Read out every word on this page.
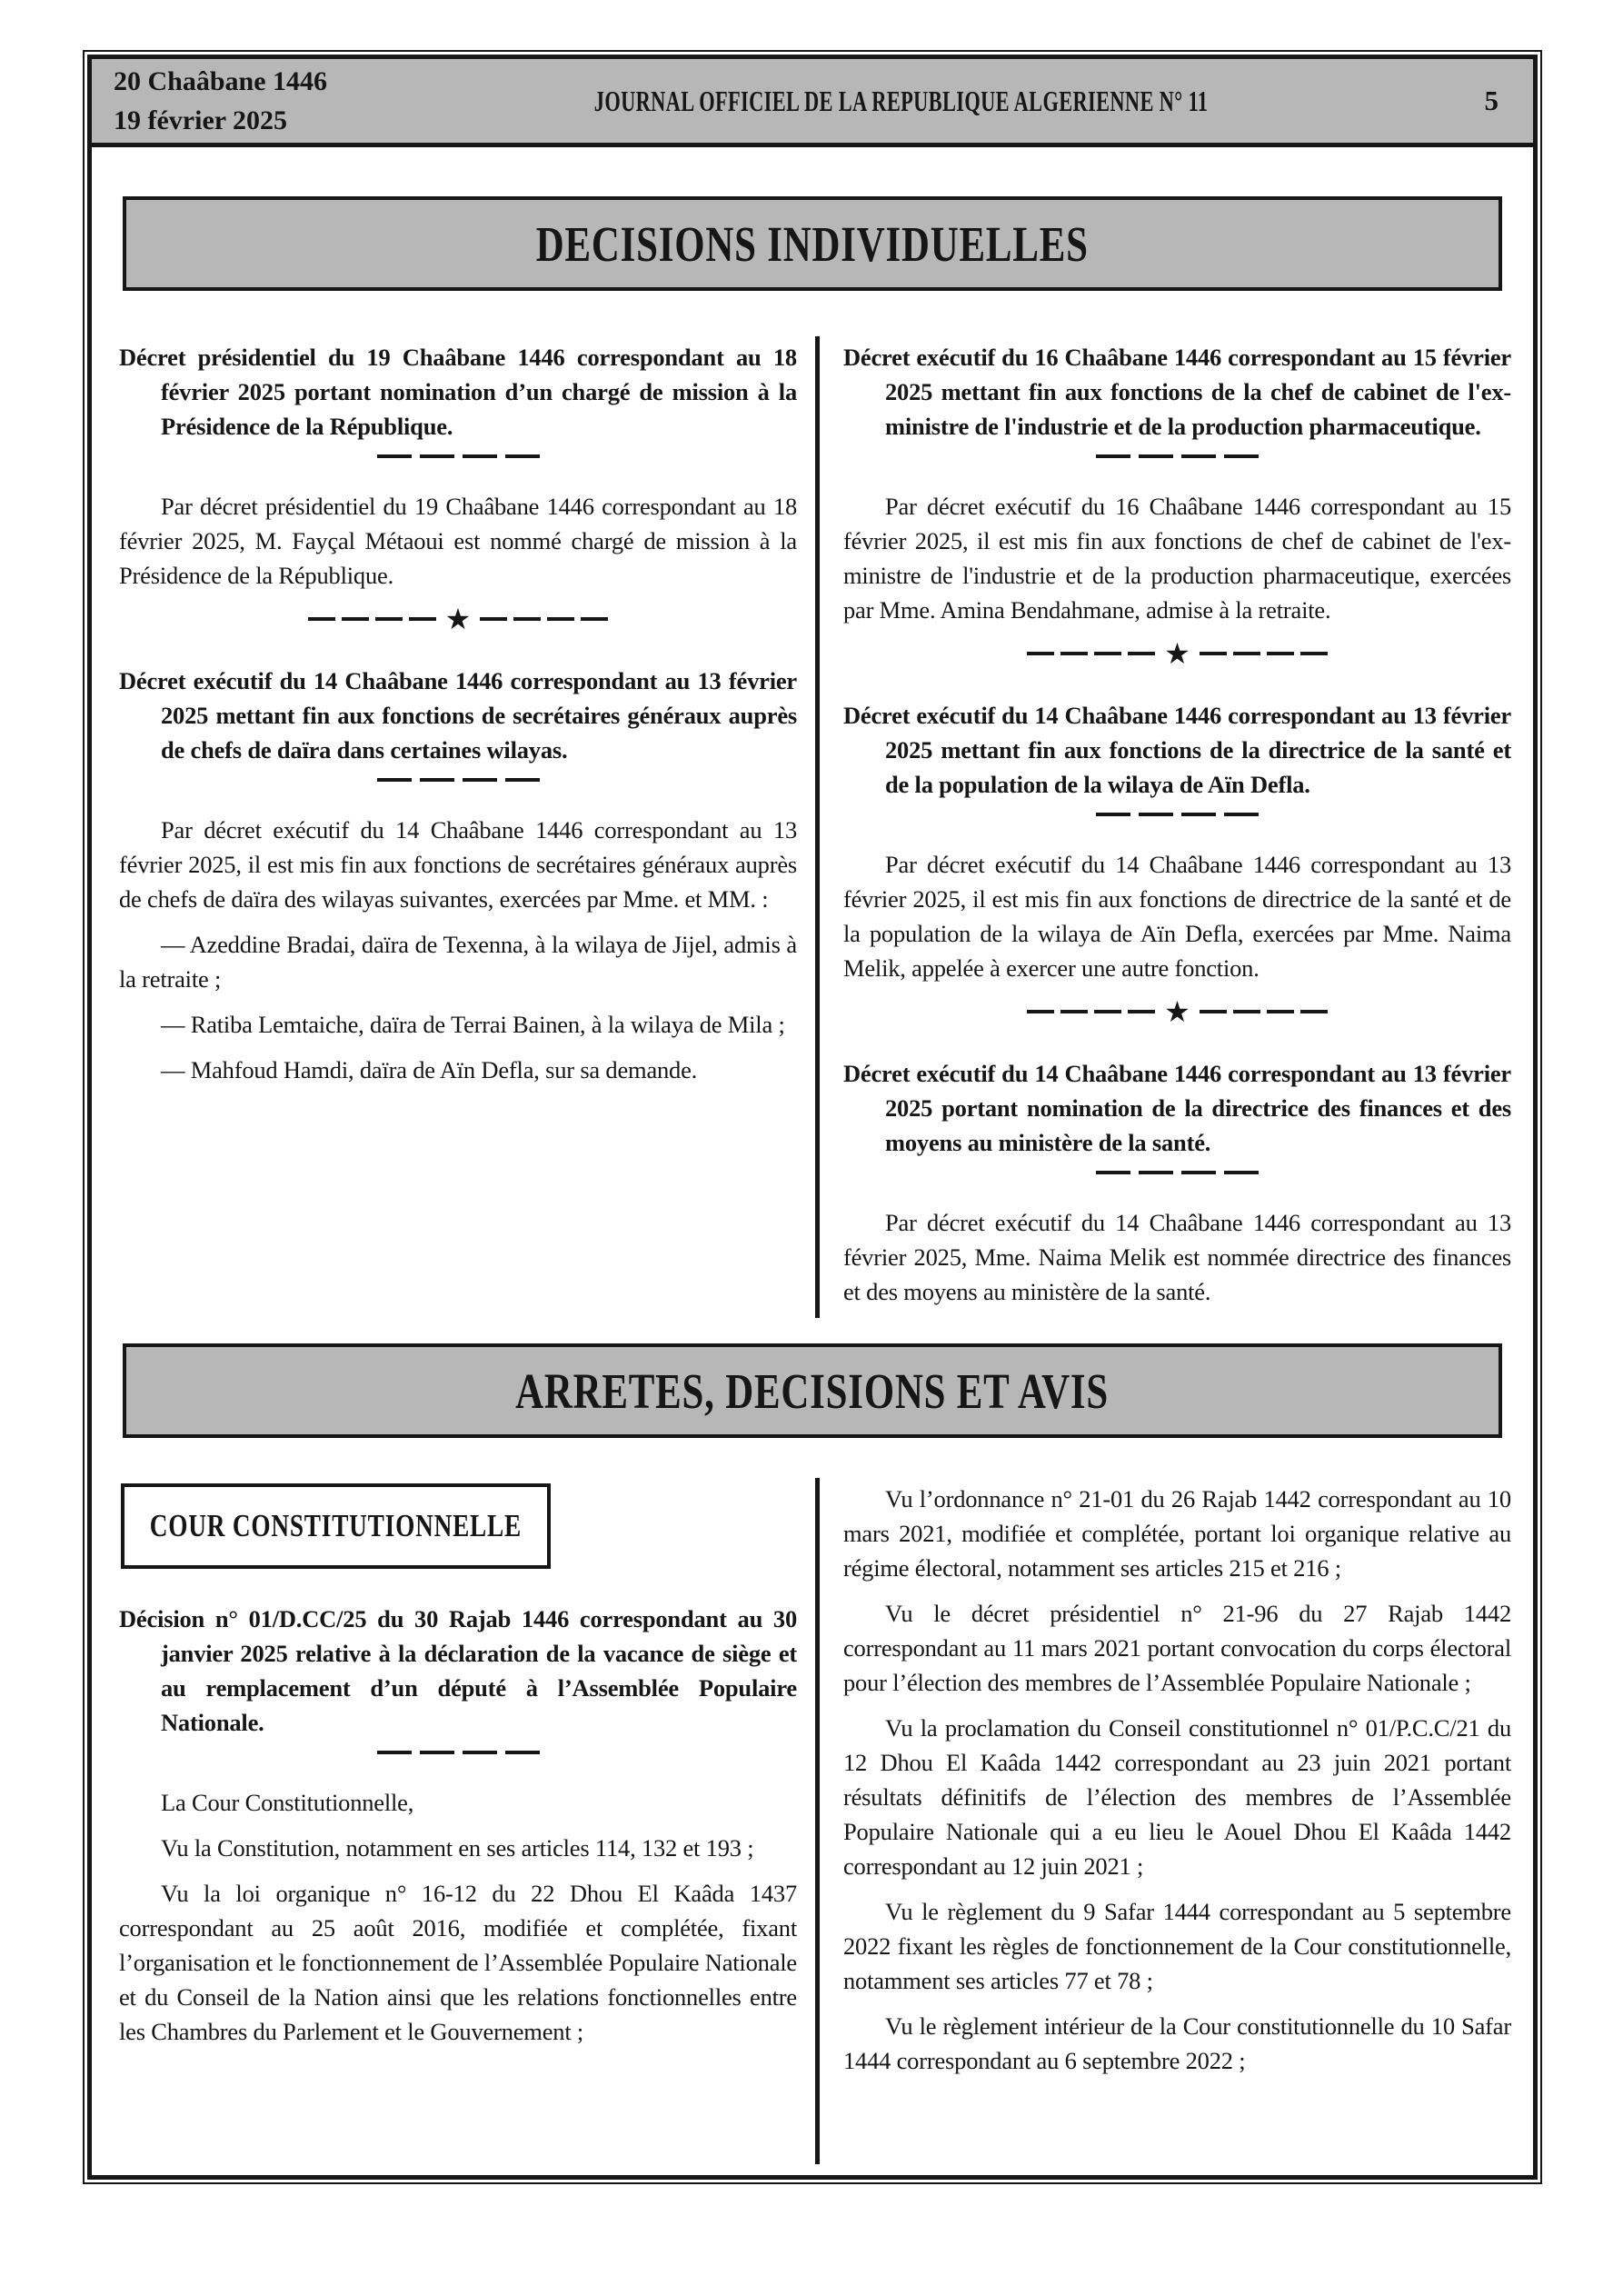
20 Chaâbane 1446
19 février 2025
JOURNAL OFFICIEL DE LA REPUBLIQUE ALGERIENNE N° 11	5
DECISIONS INDIVIDUELLES
Décret présidentiel du 19 Chaâbane 1446 correspondant au 18 février 2025 portant nomination d’un chargé de mission à la Présidence de la République.
Par décret présidentiel du 19 Chaâbane 1446 correspondant au 18 février 2025, M. Fayçal Métaoui est nommé chargé de mission à la Présidence de la République.
★
Décret exécutif du 14 Chaâbane 1446 correspondant au 13 février 2025 mettant fin aux fonctions de secrétaires généraux auprès de chefs de daïra dans certaines wilayas.
Par décret exécutif du 14 Chaâbane 1446 correspondant au 13 février 2025, il est mis fin aux fonctions de secrétaires généraux auprès de chefs de daïra des wilayas suivantes, exercées par Mme. et MM. :
— Azeddine Bradai, daïra de Texenna, à la wilaya de Jijel, admis à la retraite ;
— Ratiba Lemtaiche, daïra de Terrai Bainen, à la wilaya de Mila ;
— Mahfoud Hamdi, daïra de Aïn Defla, sur sa demande.
Décret exécutif du 16 Chaâbane 1446 correspondant au 15 février 2025 mettant fin aux fonctions de la chef de cabinet de l'ex-ministre de l'industrie et de la production pharmaceutique.
Par décret exécutif du 16 Chaâbane 1446 correspondant au 15 février 2025, il est mis fin aux fonctions de chef de cabinet de l'ex-ministre de l'industrie et de la production pharmaceutique, exercées par Mme. Amina Bendahmane, admise à la retraite.
★
Décret exécutif du 14 Chaâbane 1446 correspondant au 13 février 2025 mettant fin aux fonctions de la directrice de la santé et de la population de la wilaya de Aïn Defla.
Par décret exécutif du 14 Chaâbane 1446 correspondant au 13 février 2025, il est mis fin aux fonctions de directrice de la santé et de la population de la wilaya de Aïn Defla, exercées par Mme. Naima Melik, appelée à exercer une autre fonction.
★
Décret exécutif du 14 Chaâbane 1446 correspondant au 13 février 2025 portant nomination de la directrice des finances et des moyens au ministère de la santé.
Par décret exécutif du 14 Chaâbane 1446 correspondant au 13 février 2025, Mme. Naima Melik est nommée directrice des finances et des moyens au ministère de la santé.
ARRETES, DECISIONS ET AVIS
COUR CONSTITUTIONNELLE
Décision n° 01/D.CC/25 du 30 Rajab 1446 correspondant au 30 janvier 2025 relative à la déclaration de la vacance de siège et au remplacement d’un député à l’Assemblée Populaire Nationale.
La Cour Constitutionnelle,
Vu la Constitution, notamment en ses articles 114, 132 et 193 ;
Vu la loi organique n° 16-12 du 22 Dhou El Kaâda 1437 correspondant au 25 août 2016, modifiée et complétée, fixant l’organisation et le fonctionnement de l’Assemblée Populaire Nationale et du Conseil de la Nation ainsi que les relations fonctionnelles entre les Chambres du Parlement et le Gouvernement ;
Vu l’ordonnance n° 21-01 du 26 Rajab 1442 correspondant au 10 mars 2021, modifiée et complétée, portant loi organique relative au régime électoral, notamment ses articles 215 et 216 ;
Vu le décret présidentiel n° 21-96 du 27 Rajab 1442 correspondant au 11 mars 2021 portant convocation du corps électoral pour l’élection des membres de l’Assemblée Populaire Nationale ;
Vu la proclamation du Conseil constitutionnel n° 01/P.C.C/21 du 12 Dhou El Kaâda 1442 correspondant au 23 juin 2021 portant résultats définitifs de l’élection des membres de l’Assemblée Populaire Nationale qui a eu lieu le Aouel Dhou El Kaâda 1442 correspondant au 12 juin 2021 ;
Vu le règlement du 9 Safar 1444 correspondant au 5 septembre 2022 fixant les règles de fonctionnement de la Cour constitutionnelle, notamment ses articles 77 et 78 ;
Vu le règlement intérieur de la Cour constitutionnelle du 10 Safar 1444 correspondant au 6 septembre 2022 ;
